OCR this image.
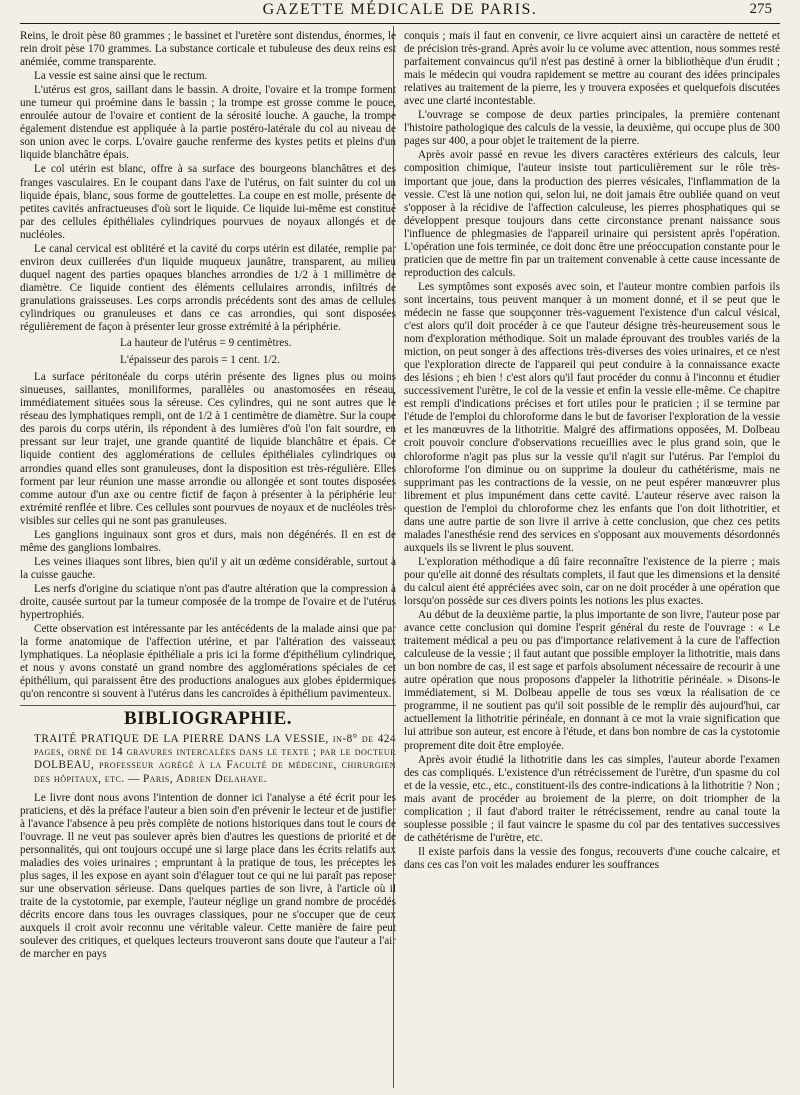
GAZETTE MÉDICALE DE PARIS.	275

Reins, le droit pèse 80 grammes ; le bassinet et l'uretère sont distendus, énormes, le rein droit pèse 170 grammes. La substance corticale et tubuleuse des deux reins est anémiée, comme transparente.

La vessie est saine ainsi que le rectum.

L'utérus est gros, saillant dans le bassin. A droite, l'ovaire et la trompe forment une tumeur qui proémine dans le bassin ; la trompe est grosse comme le pouce, enroulée autour de l'ovaire et contient de la sérosité louche. A gauche, la trompe également distendue est appliquée à la partie postéro-latérale du col au niveau de son union avec le corps. L'ovaire gauche renferme des kystes petits et pleins d'un liquide blanchâtre épais.

Le col utérin est blanc, offre à sa surface des bourgeons blanchâtres et des franges vasculaires. En le coupant dans l'axe de l'utérus, on fait suinter du col un liquide épais, blanc, sous forme de gouttelettes. La coupe en est molle, présente de petites cavités anfractueuses d'où sort le liquide. Ce liquide lui-même est constitué par des cellules épithéliales cylindriques pourvues de noyaux allongés et de nucléoles.

Le canal cervical est oblitéré et la cavité du corps utérin est dilatée, remplie par environ deux cuillerées d'un liquide muqueux jaunâtre, transparent, au milieu duquel nagent des parties opaques blanches arrondies de 1/2 à 1 millimètre de diamètre. Ce liquide contient des éléments cellulaires arrondis, infiltrés de granulations graisseuses. Les corps arrondis précédents sont des amas de cellules cylindriques ou granuleuses et dans ce cas arrondies, qui sont disposées régulièrement de façon à présenter leur grosse extrémité à la périphérie.

La hauteur de l'utérus = 9 centimètres.

L'épaisseur des parois = 1 cent. 1/2.

La surface péritonéale du corps utérin présente des lignes plus ou moins sinueuses, saillantes, moniliformes, parallèles ou anastomosées en réseau, immédiatement situées sous la séreuse. Ces cylindres, qui ne sont autres que le réseau des lymphatiques rempli, ont de 1/2 à 1 centimètre de diamètre. Sur la coupe des parois du corps utérin, ils répondent à des lumières d'où l'on fait sourdre, en pressant sur leur trajet, une grande quantité de liquide blanchâtre et épais. Ce liquide contient des agglomérations de cellules épithéliales cylindriques ou arrondies quand elles sont granuleuses, dont la disposition est très-régulière. Elles forment par leur réunion une masse arrondie ou allongée et sont toutes disposées comme autour d'un axe ou centre fictif de façon à présenter à la périphérie leur extrémité renflée et libre. Ces cellules sont pourvues de noyaux et de nucléoles très-visibles sur celles qui ne sont pas granuleuses.

Les ganglions inguinaux sont gros et durs, mais non dégénérés. Il en est de même des ganglions lombaires.

Les veines iliaques sont libres, bien qu'il y ait un œdème considérable, surtout à la cuisse gauche.

Les nerfs d'origine du sciatique n'ont pas d'autre altération que la compression à droite, causée surtout par la tumeur composée de la trompe de l'ovaire et de l'utérus hypertrophiés.

Cette observation est intéressante par les antécédents de la malade ainsi que par la forme anatomique de l'affection utérine, et par l'altération des vaisseaux lymphatiques. La néoplasie épithéliale a pris ici la forme d'épithélium cylindrique, et nous y avons constaté un grand nombre des agglomérations spéciales de cet épithélium, qui paraissent être des productions analogues aux globes épidermiques qu'on rencontre si souvent à l'utérus dans les cancroïdes à épithélium pavimenteux.

BIBLIOGRAPHIE.

TRAITÉ PRATIQUE DE LA PIERRE DANS LA VESSIE, in-8° de 424 pages, orné de 14 gravures intercalées dans le texte ; par le docteur DOLBEAU, professeur agrégé à la Faculté de médecine, chirurgien des hôpitaux, etc. — Paris, Adrien Delahaye.

Le livre dont nous avons l'intention de donner ici l'analyse a été écrit pour les praticiens, et dès la préface l'auteur a bien soin d'en prévenir le lecteur et de justifier à l'avance l'absence à peu près complète de notions historiques dans tout le cours de l'ouvrage. Il ne veut pas soulever après bien d'autres les questions de priorité et de personnalités, qui ont toujours occupé une si large place dans les écrits relatifs aux maladies des voies urinaires ; empruntant à la pratique de tous, les préceptes les plus sages, il les expose en ayant soin d'élaguer tout ce qui ne lui paraît pas reposer sur une observation sérieuse. Dans quelques parties de son livre, à l'article où il traite de la cystotomie, par exemple, l'auteur néglige un grand nombre de procédés décrits encore dans tous les ouvrages classiques, pour ne s'occuper que de ceux auxquels il croit avoir reconnu une véritable valeur. Cette manière de faire peut soulever des critiques, et quelques lecteurs trouveront sans doute que l'auteur a l'air de marcher en pays

conquis ; mais il faut en convenir, ce livre acquiert ainsi un caractère de netteté et de précision très-grand. Après avoir lu ce volume avec attention, nous sommes resté parfaitement convaincus qu'il n'est pas destiné à orner la bibliothèque d'un érudit ; mais le médecin qui voudra rapidement se mettre au courant des idées principales relatives au traitement de la pierre, les y trouvera exposées et quelquefois discutées avec une clarté incontestable.

L'ouvrage se compose de deux parties principales, la première contenant l'histoire pathologique des calculs de la vessie, la deuxième, qui occupe plus de 300 pages sur 400, a pour objet le traitement de la pierre.

Après avoir passé en revue les divers caractères extérieurs des calculs, leur composition chimique, l'auteur insiste tout particulièrement sur le rôle très-important que joue, dans la production des pierres vésicales, l'inflammation de la vessie. C'est là une notion qui, selon lui, ne doit jamais être oubliée quand on veut s'opposer à la récidive de l'affection calculeuse, les pierres phosphatiques qui se développent presque toujours dans cette circonstance prenant naissance sous l'influence de phlegmasies de l'appareil urinaire qui persistent après l'opération. L'opération une fois terminée, ce doit donc être une préoccupation constante pour le praticien que de mettre fin par un traitement convenable à cette cause incessante de reproduction des calculs.

Les symptômes sont exposés avec soin, et l'auteur montre combien parfois ils sont incertains, tous peuvent manquer à un moment donné, et il se peut que le médecin ne fasse que soupçonner très-vaguement l'existence d'un calcul vésical, c'est alors qu'il doit procéder à ce que l'auteur désigne très-heureusement sous le nom d'exploration méthodique. Soit un malade éprouvant des troubles variés de la miction, on peut songer à des affections très-diverses des voies urinaires, et ce n'est que l'exploration directe de l'appareil qui peut conduire à la connaissance exacte des lésions ; eh bien ! c'est alors qu'il faut procéder du connu à l'inconnu et étudier successivement l'urètre, le col de la vessie et enfin la vessie elle-même. Ce chapitre est rempli d'indications précises et fort utiles pour le praticien ; il se termine par l'étude de l'emploi du chloroforme dans le but de favoriser l'exploration de la vessie et les manœuvres de la lithotritie. Malgré des affirmations opposées, M. Dolbeau croit pouvoir conclure d'observations recueillies avec le plus grand soin, que le chloroforme n'agit pas plus sur la vessie qu'il n'agit sur l'utérus. Par l'emploi du chloroforme l'on diminue ou on supprime la douleur du cathétérisme, mais ne supprimant pas les contractions de la vessie, on ne peut espérer manœuvrer plus librement et plus impunément dans cette cavité. L'auteur réserve avec raison la question de l'emploi du chloroforme chez les enfants que l'on doit lithotritier, et dans une autre partie de son livre il arrive à cette conclusion, que chez ces petits malades l'anesthésie rend des services en s'opposant aux mouvements désordonnés auxquels ils se livrent le plus souvent.

L'exploration méthodique a dû faire reconnaître l'existence de la pierre ; mais pour qu'elle ait donné des résultats complets, il faut que les dimensions et la densité du calcul aient été appréciées avec soin, car on ne doit procéder à une opération que lorsqu'on possède sur ces divers points les notions les plus exactes.

Au début de la deuxième partie, la plus importante de son livre, l'auteur pose par avance cette conclusion qui domine l'esprit général du reste de l'ouvrage : « Le traitement médical a peu ou pas d'importance relativement à la cure de l'affection calculeuse de la vessie ; il faut autant que possible employer la lithotritie, mais dans un bon nombre de cas, il est sage et parfois absolument nécessaire de recourir à une autre opération que nous proposons d'appeler la lithotritie périnéale. » Disons-le immédiatement, si M. Dolbeau appelle de tous ses vœux la réalisation de ce programme, il ne soutient pas qu'il soit possible de le remplir dès aujourd'hui, car actuellement la lithotritie périnéale, en donnant à ce mot la vraie signification que lui attribue son auteur, est encore à l'étude, et dans bon nombre de cas la cystotomie proprement dite doit être employée.

Après avoir étudié la lithotritie dans les cas simples, l'auteur aborde l'examen des cas compliqués. L'existence d'un rétrécissement de l'urètre, d'un spasme du col et de la vessie, etc., etc., constituent-ils des contre-indications à la lithotritie ? Non ; mais avant de procéder au broiement de la pierre, on doit triompher de la complication ; il faut d'abord traiter le rétrécissement, rendre au canal toute la souplesse possible ; il faut vaincre le spasme du col par des tentatives successives de cathétérisme de l'urètre, etc.

Il existe parfois dans la vessie des fongus, recouverts d'une couche calcaire, et dans ces cas l'on voit les malades endurer les souffrances
